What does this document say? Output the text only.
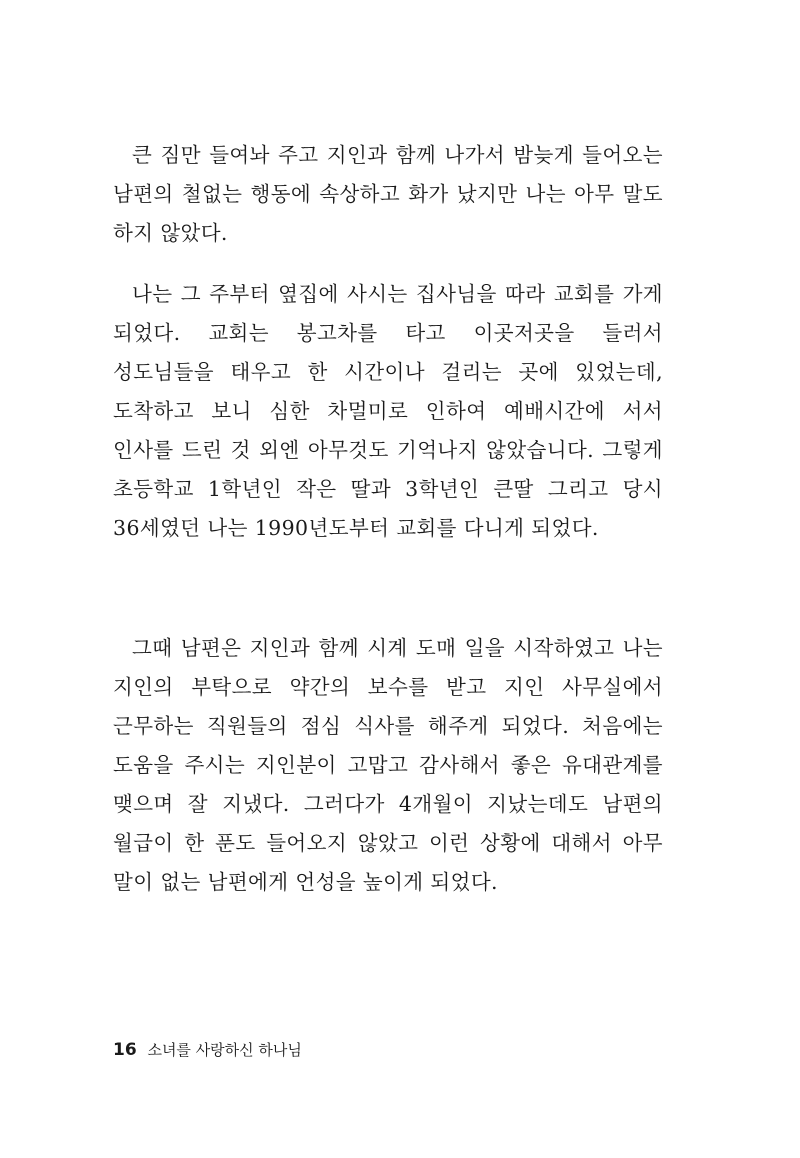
큰 짐만 들여놔 주고 지인과 함께 나가서 밤늦게 들어오는 남편의 철없는 행동에 속상하고 화가 났지만 나는 아무 말도 하지 않았다.

나는 그 주부터 옆집에 사시는 집사님을 따라 교회를 가게 되었다. 교회는 봉고차를 타고 이곳저곳을 들러서 성도님들을 태우고 한 시간이나 걸리는 곳에 있었는데, 도착하고 보니 심한 차멀미로 인하여 예배시간에 서서 인사를 드린 것 외엔 아무것도 기억나지 않았습니다. 그렇게 초등학교 1학년인 작은 딸과 3학년인 큰딸 그리고 당시 36세였던 나는 1990년도부터 교회를 다니게 되었다.

그때 남편은 지인과 함께 시계 도매 일을 시작하였고 나는 지인의 부탁으로 약간의 보수를 받고 지인 사무실에서 근무하는 직원들의 점심 식사를 해주게 되었다. 처음에는 도움을 주시는 지인분이 고맙고 감사해서 좋은 유대관계를 맺으며 잘 지냈다. 그러다가 4개월이 지났는데도 남편의 월급이 한 푼도 들어오지 않았고 이런 상황에 대해서 아무 말이 없는 남편에게 언성을 높이게 되었다.

16 소녀를 사랑하신 하나님
